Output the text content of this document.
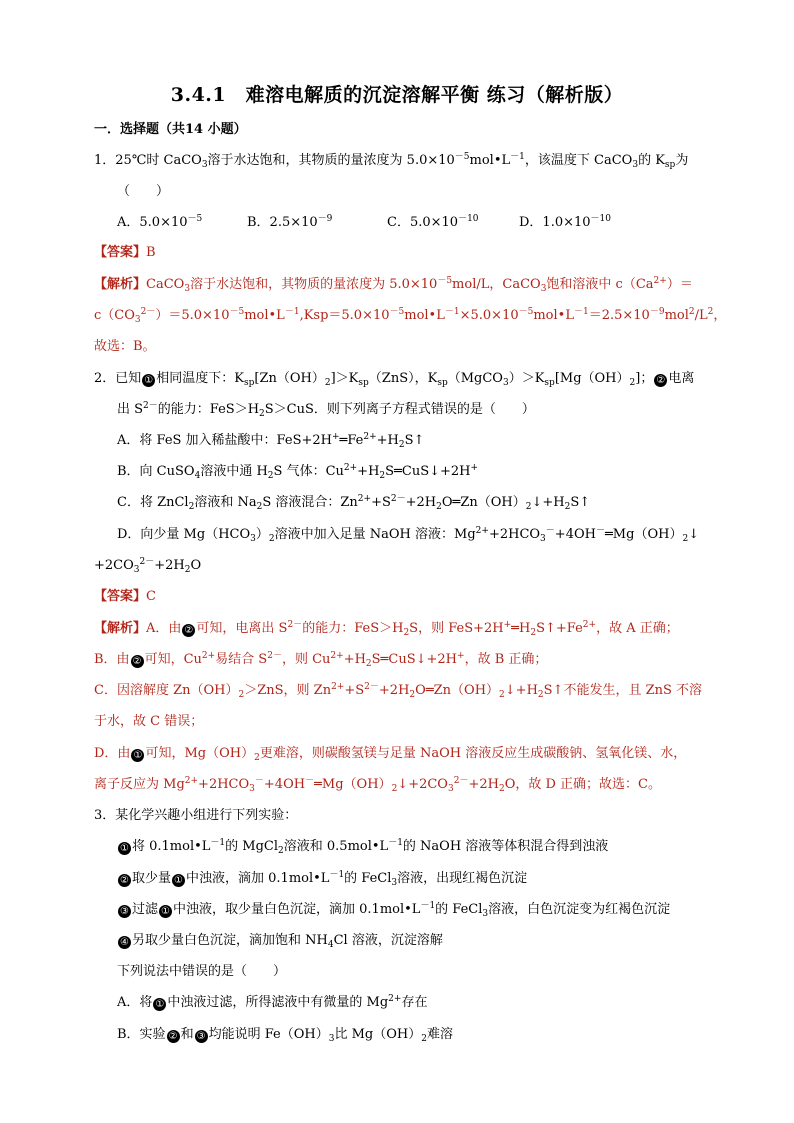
3.4.1　难溶电解质的沉淀溶解平衡 练习（解析版）
一．选择题（共14 小题）
1．25℃时 CaCO$_3$溶于水达饱和，其物质的量浓度为 $5.0\times 10^{-5}mol•L^{-1}$，该温度下 CaCO$_3$的 $K_{sp}$为
（　　）
A．$5.0\times 10^{-5}$	B．$2.5\times 10^{-9}$	C．$5.0\times 10^{-10}$	D．$1.0\times 10^{-10}$
【答案】B
【解析】CaCO$_3$溶于水达饱和，其物质的量浓度为 $5.0\times 10^{-5}mol/L$，CaCO$_3$饱和溶液中 $c(Ca^{2+})=$
$c(CO_3^{2-})=5.0\times 10^{-5}mol•L^{-1},Ksp=5.0\times 10^{-5}mol•L^{-1}\times 5.0\times 10^{-5}mol•L^{-1}=2.5\times 10^{-9}mol^2/L^2$，
故选：B。
2．已知 ① 相同温度下：$K_{sp}[Zn(OH)_2]>K_{sp}(ZnS)$，$K_{sp}(MgCO_3)>K_{sp}[Mg(OH)_2]$； ② 电离
出 $S^{2-}$的能力：$FeS>H_2S>CuS$．则下列离子方程式错误的是（　　）
A．将 FeS 加入稀盐酸中：$FeS+2H^+═Fe^{2+}+H_2S↑$
B．向 CuSO$_4$溶液中通 $H_2S$ 气体：$Cu^{2+}+H_2S═CuS↓+2H^+$
C．将 ZnCl$_2$溶液和 $Na_2S$ 溶液混合：$Zn^{2+}+S^{2-}+2H_2O═Zn(OH)_2↓+H_2S↑$
D．向少量 $Mg(HCO_3)_2$溶液中加入足量 NaOH 溶液：$Mg^{2+}+2HCO_3^-+4OH^-═Mg(OH)_2↓$
$+2CO_3^{2-}+2H_2O$
【答案】C
【解析】A．由 ② 可知，电离出 $S^{2-}$的能力：$FeS>H_2S$，则 $FeS+2H^+═H_2S↑+Fe^{2+}$，故 A 正确；
B．由 ② 可知，$Cu^{2+}$易结合 $S^{2-}$，则 $Cu^{2+}+H_2S═CuS↓+2H^+$，故 B 正确；
C．因溶解度 $Zn(OH)_2>ZnS$，则 $Zn^{2+}+S^{2-}+2H_2O═Zn(OH)_2↓+H_2S↑$不能发生，且 ZnS 不溶
于水，故 C 错误；
D．由 ① 可知，$Mg(OH)_2$更难溶，则碳酸氢镁与足量 NaOH 溶液反应生成碳酸钠、氢氧化镁、水，
离子反应为 $Mg^{2+}+2HCO_3^-+4OH^-═Mg(OH)_2↓+2CO_3^{2-}+2H_2O$，故 D 正确；故选：C。
3．某化学兴趣小组进行下列实验：
① 将 $0.1mol•L^{-1}$的 MgCl$_2$溶液和 $0.5mol•L^{-1}$的 NaOH 溶液等体积混合得到浊液
② 取少量 ① 中浊液，滴加 $0.1mol•L^{-1}$的 FeCl$_3$溶液，出现红褐色沉淀
③ 过滤 ① 中浊液，取少量白色沉淀，滴加 $0.1mol•L^{-1}$的 FeCl$_3$溶液，白色沉淀变为红褐色沉淀
④ 另取少量白色沉淀，滴加饱和 $NH_4Cl$ 溶液，沉淀溶解
下列说法中错误的是（　　）
A．将 ① 中浊液过滤，所得滤液中有微量的 $Mg^{2+}$存在
B．实验 ② 和 ③ 均能说明 $Fe(OH)_3$比 $Mg(OH)_2$难溶
